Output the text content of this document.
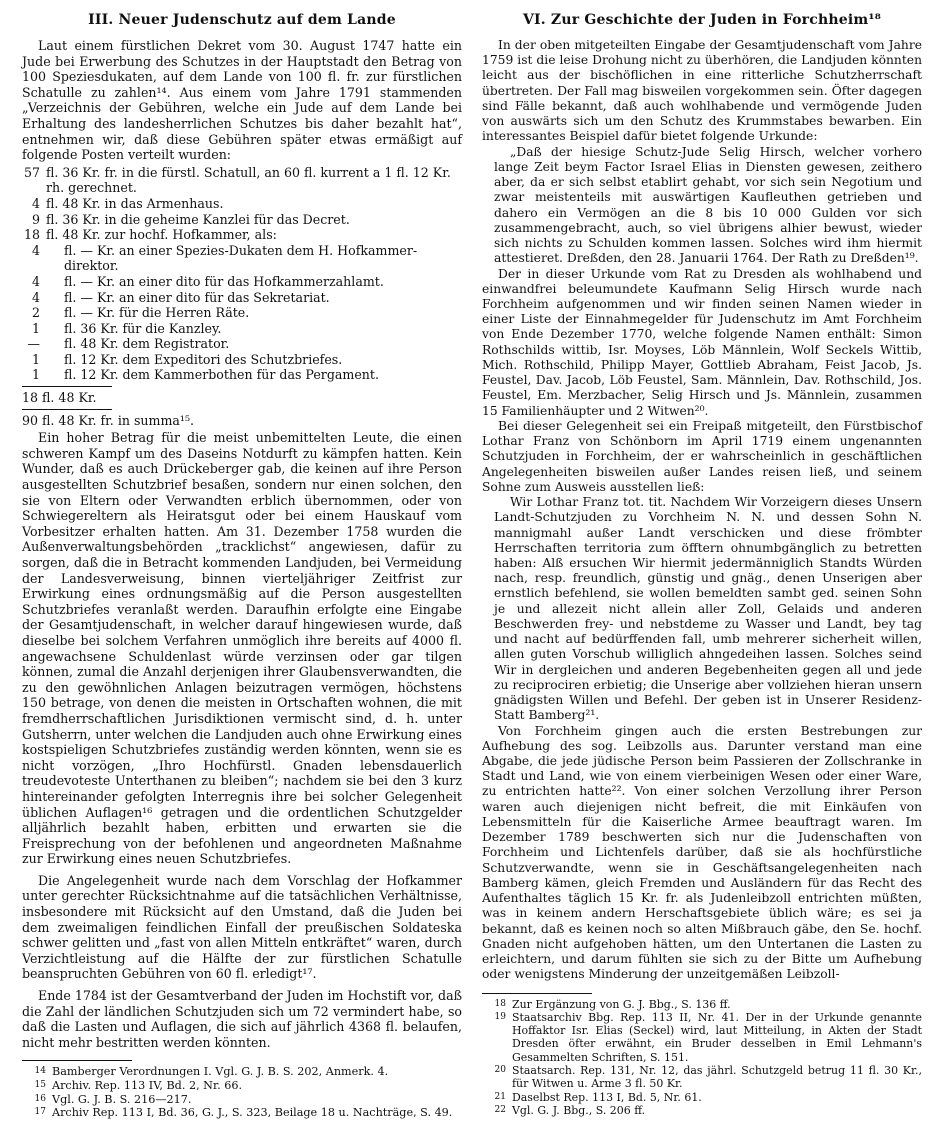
III. Neuer Judenschutz auf dem Lande

Laut einem fürstlichen Dekret vom 30. August 1747 hatte ein Jude bei Erwerbung des Schutzes in der Hauptstadt den Betrag von 100 Speziesdukaten, auf dem Lande von 100 fl. fr. zur fürstlichen Schatulle zu zahlen¹⁴. Aus einem vom Jahre 1791 stammenden „Verzeichnis der Gebühren, welche ein Jude auf dem Lande bei Erhaltung des landesherrlichen Schutzes bis daher bezahlt hat“, entnehmen wir, daß diese Gebühren später etwas ermäßigt auf folgende Posten verteilt wurden:

57 fl. 36 Kr. fr. in die fürstl. Schatull, an 60 fl. kurrent a 1 fl. 12 Kr. rh. gerechnet.
4 fl. 48 Kr. in das Armenhaus.
9 fl. 36 Kr. in die geheime Kanzlei für das Decret.
18 fl. 48 Kr. zur hochf. Hofkammer, als:
4	fl. — Kr. an einer Spezies-Dukaten dem H. Hofkammer-direktor.
4	fl. — Kr. an einer dito für das Hofkammerzahlamt.
4	fl. — Kr. an einer dito für das Sekretariat.
2	fl. — Kr. für die Herren Räte.
1	fl. 36 Kr. für die Kanzley.
—	fl. 48 Kr. dem Registrator.
1	fl. 12 Kr. dem Expeditori des Schutzbriefes.
1	fl. 12 Kr. dem Kammerbothen für das Pergament.
18 fl. 48 Kr.
90 fl. 48 Kr. fr. in summa¹⁵.

Ein hoher Betrag für die meist unbemittelten Leute, die einen schweren Kampf um des Daseins Notdurft zu kämpfen hatten. Kein Wunder, daß es auch Drückeberger gab, die keinen auf ihre Person ausgestellten Schutzbrief besaßen, sondern nur einen solchen, den sie von Eltern oder Verwandten erblich übernommen, oder von Schwiegereltern als Heiratsgut oder bei einem Hauskauf vom Vorbesitzer erhalten hatten. Am 31. Dezember 1758 wurden die Außenverwaltungsbehörden „tracklichst“ angewiesen, dafür zu sorgen, daß die in Betracht kommenden Landjuden, bei Vermeidung der Landesverweisung, binnen vierteljähriger Zeitfrist zur Erwirkung eines ordnungsmäßig auf die Person ausgestellten Schutzbriefes veranlaßt werden. Daraufhin erfolgte eine Eingabe der Gesamtjudenschaft, in welcher darauf hingewiesen wurde, daß dieselbe bei solchem Verfahren unmöglich ihre bereits auf 4000 fl. angewachsene Schuldenlast würde verzinsen oder gar tilgen können, zumal die Anzahl derjenigen ihrer Glaubensverwandten, die zu den gewöhnlichen Anlagen beizutragen vermögen, höchstens 150 betrage, von denen die meisten in Ortschaften wohnen, die mit fremdherrschaftlichen Jurisdiktionen vermischt sind, d. h. unter Gutsherrn, unter welchen die Landjuden auch ohne Erwirkung eines kostspieligen Schutzbriefes zuständig werden könnten, wenn sie es nicht vorzögen, „Ihro Hochfürstl. Gnaden lebensdauerlich treudevoteste Unterthanen zu bleiben“; nachdem sie bei den 3 kurz hintereinander gefolgten Interregnis ihre bei solcher Gelegenheit üblichen Auflagen¹⁶ getragen und die ordentlichen Schutzgelder alljährlich bezahlt haben, erbitten und erwarten sie die Freisprechung von der befohlenen und angeordneten Maßnahme zur Erwirkung eines neuen Schutzbriefes.

Die Angelegenheit wurde nach dem Vorschlag der Hofkammer unter gerechter Rücksichtnahme auf die tatsächlichen Verhältnisse, insbesondere mit Rücksicht auf den Umstand, daß die Juden bei dem zweimaligen feindlichen Einfall der preußischen Soldateska schwer gelitten und „fast von allen Mitteln entkräftet“ waren, durch Verzichtleistung auf die Hälfte der zur fürstlichen Schatulle beanspruchten Gebühren von 60 fl. erledigt¹⁷.

Ende 1784 ist der Gesamtverband der Juden im Hochstift vor, daß die Zahl der ländlichen Schutzjuden sich um 72 vermindert habe, so daß die Lasten und Auflagen, die sich auf jährlich 4368 fl. belaufen, nicht mehr bestritten werden könnten.

14 Bamberger Verordnungen I. Vgl. G. J. B. S. 202, Anmerk. 4.
15 Archiv. Rep. 113 IV, Bd. 2, Nr. 66.
16 Vgl. G. J. B. S. 216—217.
17 Archiv Rep. 113 I, Bd. 36, G. J., S. 323, Beilage 18 u. Nachträge, S. 49.
VI. Zur Geschichte der Juden in Forchheim¹⁸

In der oben mitgeteilten Eingabe der Gesamtjudenschaft vom Jahre 1759 ist die leise Drohung nicht zu überhören, die Landjuden könnten leicht aus der bischöflichen in eine ritterliche Schutzherrschaft übertreten. Der Fall mag bisweilen vorgekommen sein. Öfter dagegen sind Fälle bekannt, daß auch wohlhabende und vermögende Juden von auswärts sich um den Schutz des Krummstabes bewarben. Ein interessantes Beispiel dafür bietet folgende Urkunde:

„Daß der hiesige Schutz-Jude Selig Hirsch, welcher vorhero lange Zeit beym Factor Israel Elias in Diensten gewesen, zeithero aber, da er sich selbst etablirt gehabt, vor sich sein Negotium und zwar meistenteils mit auswärtigen Kaufleuthen getrieben und dahero ein Vermögen an die 8 bis 10 000 Gulden vor sich zusammengebracht, auch, so viel übrigens alhier bewust, wieder sich nichts zu Schulden kommen lassen. Solches wird ihm hiermit attestieret. Dreßden, den 28. Januarii 1764. Der Rath zu Dreßden¹⁹.

Der in dieser Urkunde vom Rat zu Dresden als wohlhabend und einwandfrei beleumundete Kaufmann Selig Hirsch wurde nach Forchheim aufgenommen und wir finden seinen Namen wieder in einer Liste der Einnahmegelder für Judenschutz im Amt Forchheim von Ende Dezember 1770, welche folgende Namen enthält: Simon Rothschilds wittib, Isr. Moyses, Löb Männlein, Wolf Seckels Wittib, Mich. Rothschild, Philipp Mayer, Gottlieb Abraham, Feist Jacob, Js. Feustel, Dav. Jacob, Löb Feustel, Sam. Männlein, Dav. Rothschild, Jos. Feustel, Em. Merzbacher, Selig Hirsch und Js. Männlein, zusammen 15 Familienhäupter und 2 Witwen²⁰.

Bei dieser Gelegenheit sei ein Freipaß mitgeteilt, den Fürstbischof Lothar Franz von Schönborn im April 1719 einem ungenannten Schutzjuden in Forchheim, der er wahrscheinlich in geschäftlichen Angelegenheiten bisweilen außer Landes reisen ließ, und seinem Sohne zum Ausweis ausstellen ließ:

Wir Lothar Franz tot. tit. Nachdem Wir Vorzeigern dieses Unsern Landt-Schutzjuden zu Vorchheim N. N. und dessen Sohn N. mannigmahl außer Landt verschicken und diese frömbter Herrschaften territoria zum öfftern ohnumbgänglich zu betretten haben: Alß ersuchen Wir hiermit jedermänniglich Standts Würden nach, resp. freundlich, günstig und gnäg., denen Unserigen aber ernstlich befehlend, sie wollen bemeldten sambt ged. seinen Sohn je und allezeit nicht allein aller Zoll, Gelaids und anderen Beschwerden frey- und nebstdeme zu Wasser und Landt, bey tag und nacht auf bedürffenden fall, umb mehrerer sicherheit willen, allen guten Vorschub williglich ahngedeihen lassen. Solches seind Wir in dergleichen und anderen Begebenheiten gegen all und jede zu reciprociren erbietig; die Unserige aber vollziehen hieran unsern gnädigsten Willen und Befehl. Der geben ist in Unserer Residenz-Statt Bamberg²¹.

Von Forchheim gingen auch die ersten Bestrebungen zur Aufhebung des sog. Leibzolls aus. Darunter verstand man eine Abgabe, die jede jüdische Person beim Passieren der Zollschranke in Stadt und Land, wie von einem vierbeinigen Wesen oder einer Ware, zu entrichten hatte²². Von einer solchen Verzollung ihrer Person waren auch diejenigen nicht befreit, die mit Einkäufen von Lebensmitteln für die Kaiserliche Armee beauftragt waren. Im Dezember 1789 beschwerten sich nur die Judenschaften von Forchheim und Lichtenfels darüber, daß sie als hochfürstliche Schutzverwandte, wenn sie in Geschäftsangelegenheiten nach Bamberg kämen, gleich Fremden und Ausländern für das Recht des Aufenthaltes täglich 15 Kr. fr. als Judenleibzoll entrichten müßten, was in keinem andern Herschaftsgebiete üblich wäre; es sei ja bekannt, daß es keinen noch so alten Mißbrauch gäbe, den Se. hochf. Gnaden nicht aufgehoben hätten, um den Untertanen die Lasten zu erleichtern, und darum fühlten sie sich zu der Bitte um Aufhebung oder wenigstens Minderung der unzeitgemäßen Leibzoll-

18 Zur Ergänzung von G. J. Bbg., S. 136 ff.
19 Staatsarchiv Bbg. Rep. 113 II, Nr. 41. Der in der Urkunde genannte Hoffaktor Isr. Elias (Seckel) wird, laut Mitteilung, in Akten der Stadt Dresden öfter erwähnt, ein Bruder desselben in Emil Lehmann's Gesammelten Schriften, S. 151.
20 Staatsarch. Rep. 131, Nr. 12, das jährl. Schutzgeld betrug 11 fl. 30 Kr., für Witwen u. Arme 3 fl. 50 Kr.
21 Daselbst Rep. 113 I, Bd. 5, Nr. 61.
22 Vgl. G. J. Bbg., S. 206 ff.
